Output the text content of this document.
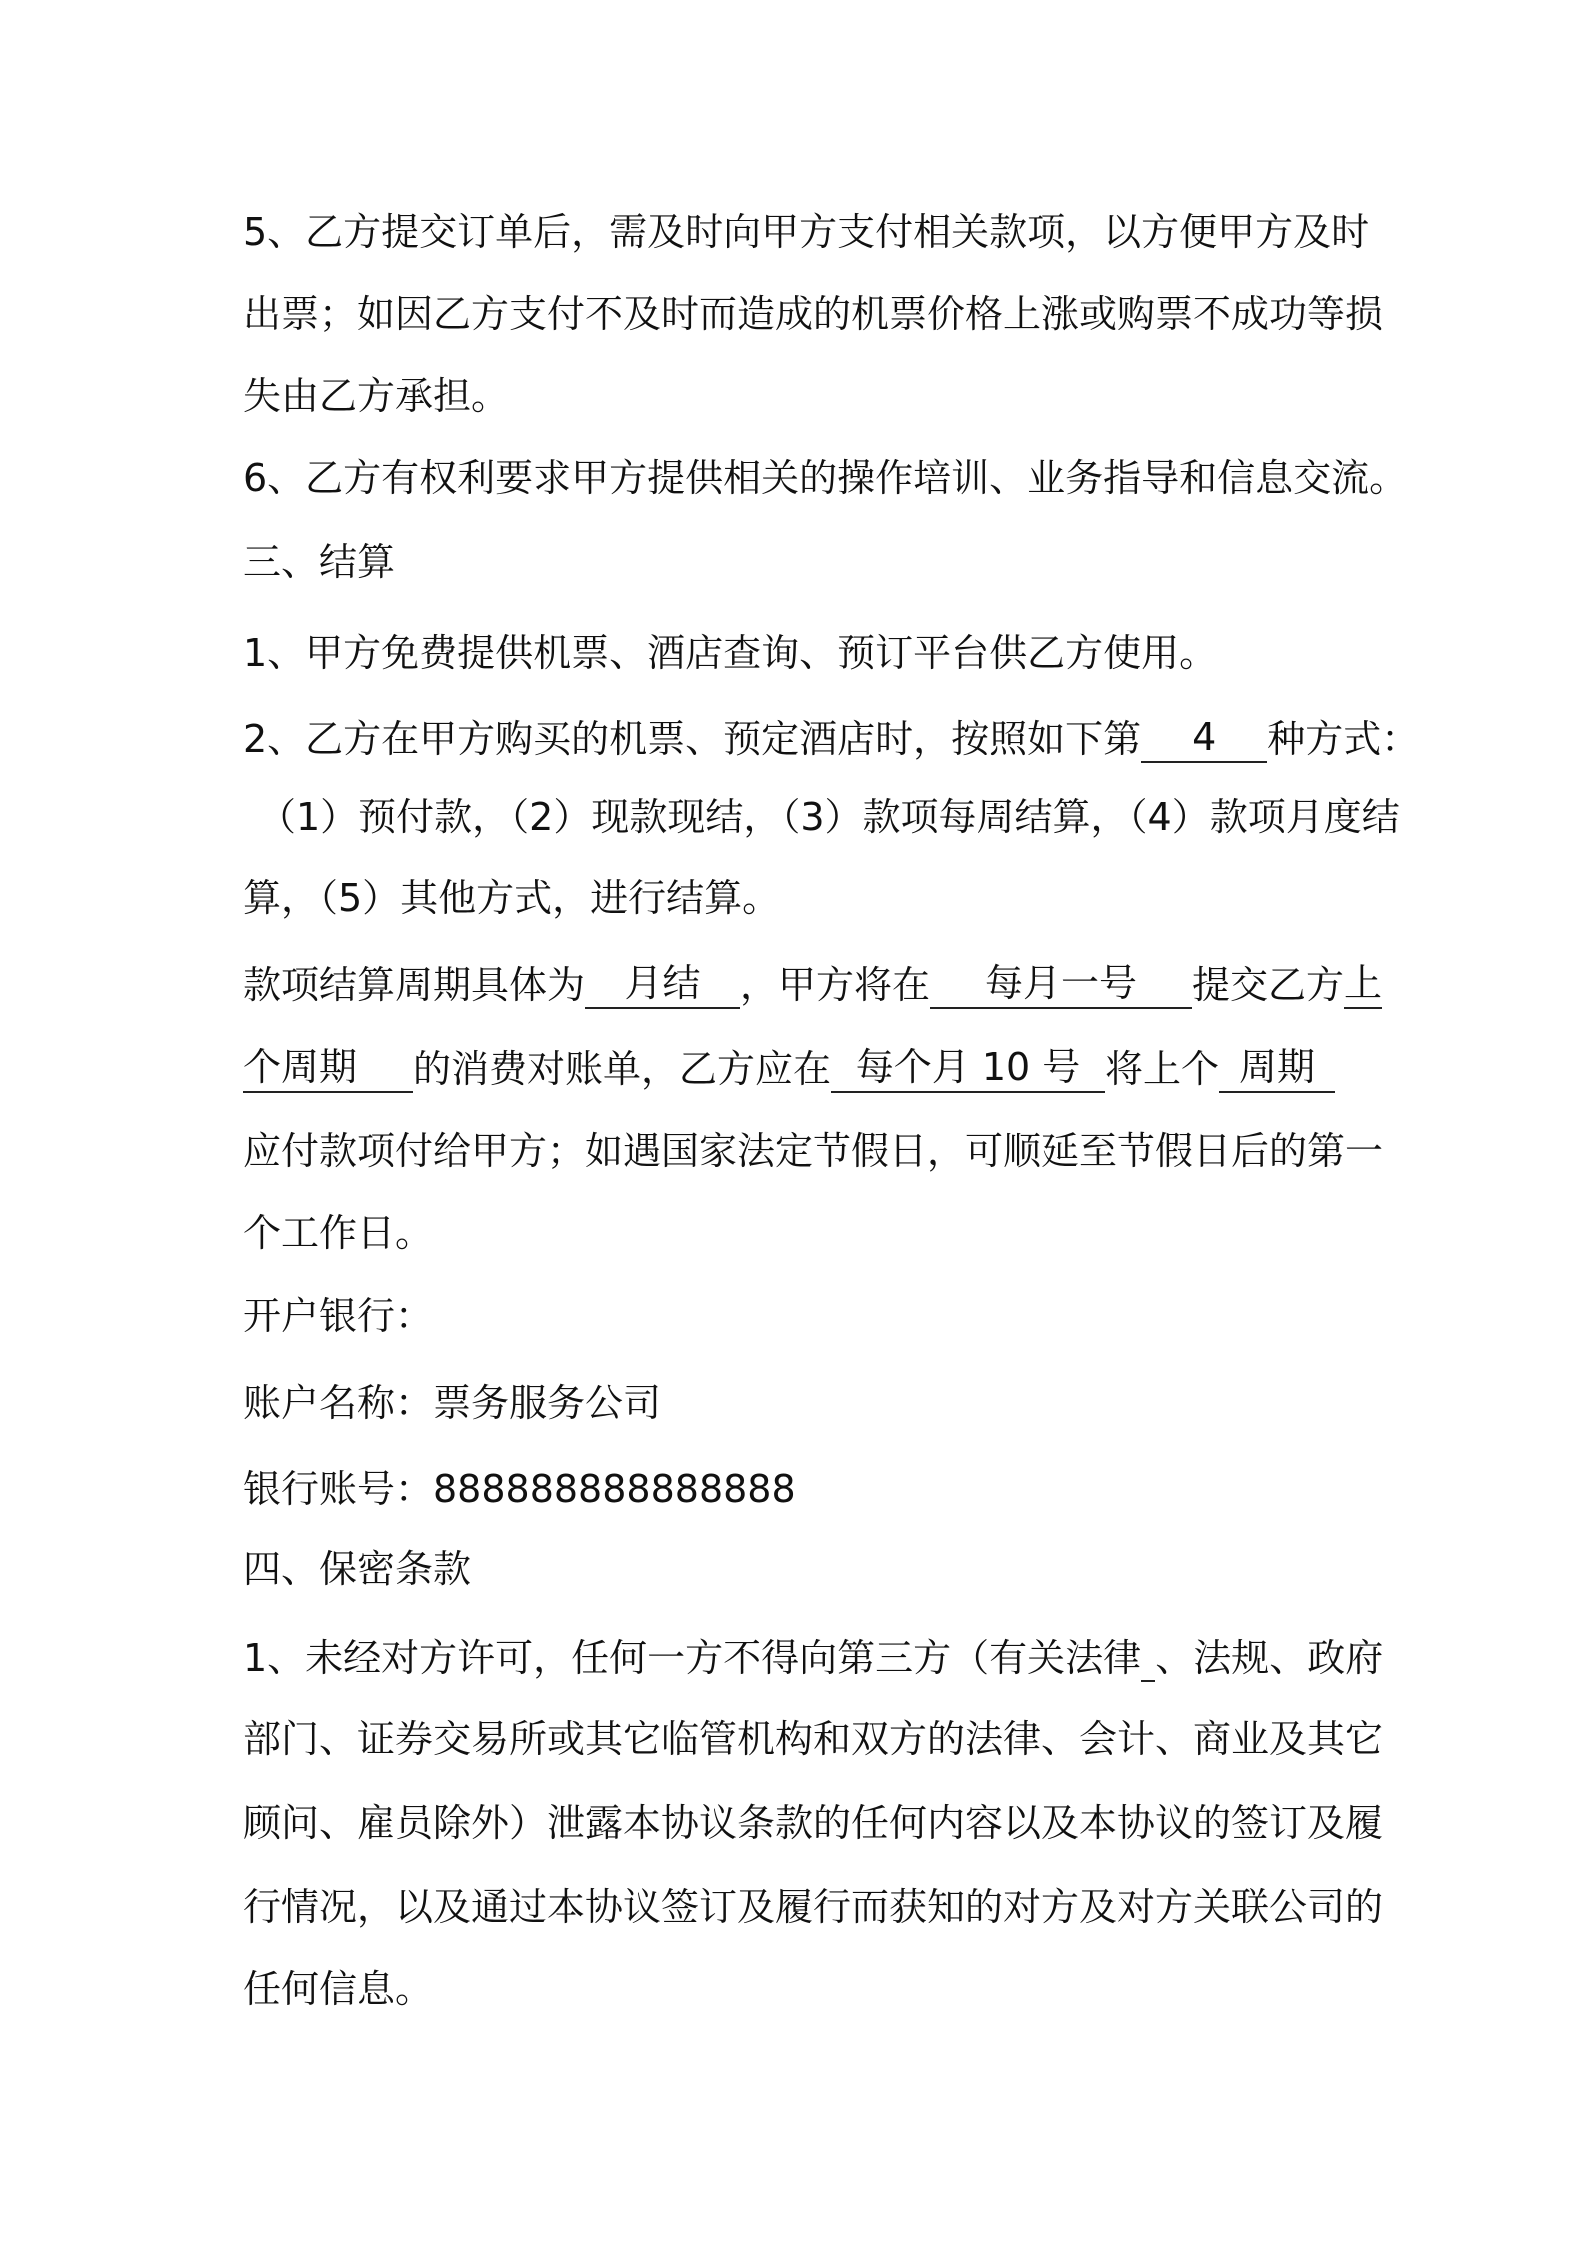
5、乙方提交订单后，需及时向甲方支付相关款项，以方便甲方及时
出票；如因乙方支付不及时而造成的机票价格上涨或购票不成功等损
失由乙方承担。
6、乙方有权利要求甲方提供相关的操作培训、业务指导和信息交流。
三、结算
1、甲方免费提供机票、酒店查询、预订平台供乙方使用。
2、乙方在甲方购买的机票、预定酒店时，按照如下第 4 种方式：
（1）预付款，（2）现款现结，（3）款项每周结算，（4）款项月度结
算，（5）其他方式，进行结算。
款项结算周期具体为 月结 ，甲方将在 每月一号 提交乙方上
个周期 的消费对账单，乙方应在 每个月 10 号 将上个 周期
应付款项付给甲方；如遇国家法定节假日，可顺延至节假日后的第一
个工作日。
开户银行：
账户名称：票务服务公司
银行账号：888888888888888
四、保密条款
1、未经对方许可，任何一方不得向第三方（有关法律 、法规、政府
部门、证券交易所或其它临管机构和双方的法律、会计、商业及其它
顾问、雇员除外）泄露本协议条款的任何内容以及本协议的签订及履
行情况，以及通过本协议签订及履行而获知的对方及对方关联公司的
任何信息。
